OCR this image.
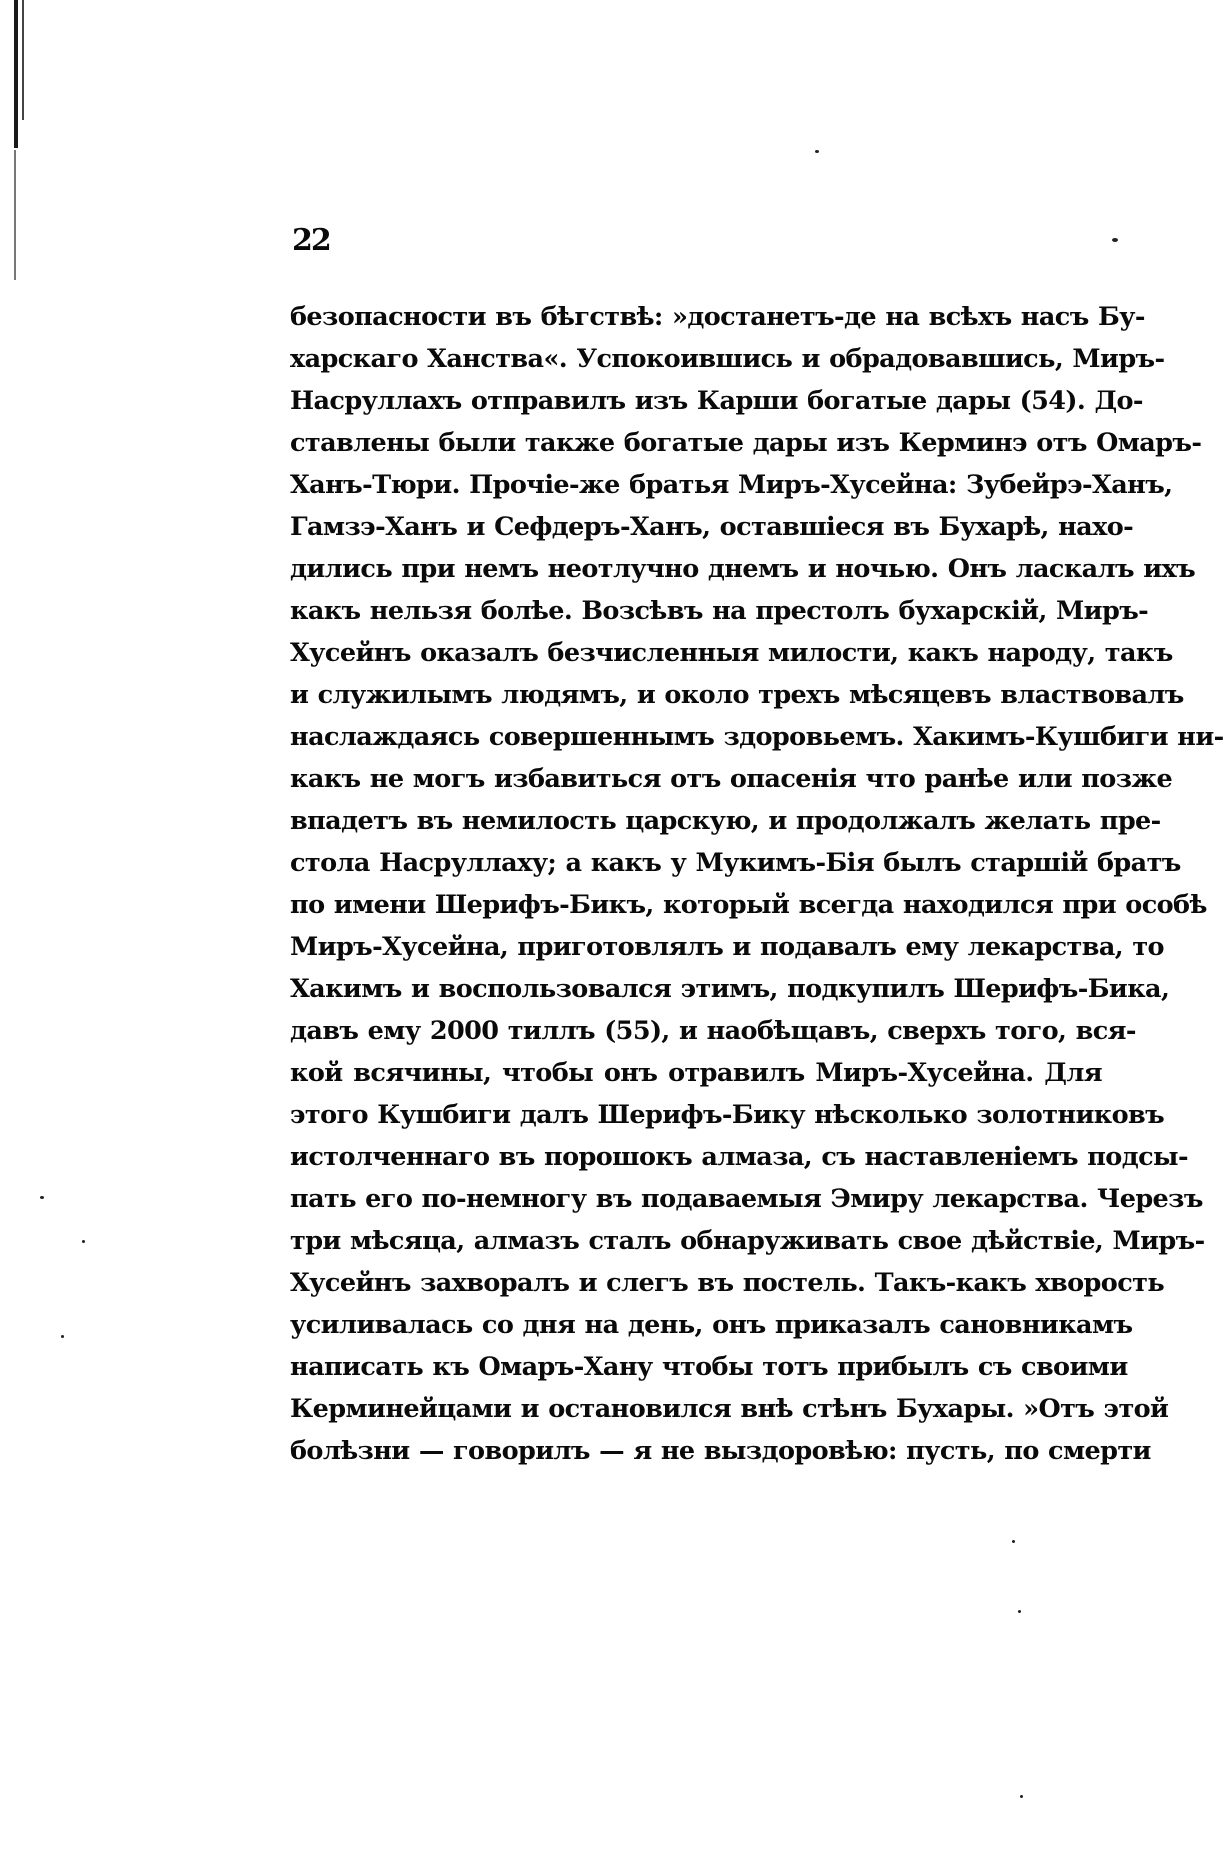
22
безопасности въ бѣгствѣ: »достанетъ-де на всѣхъ насъ Бу-
харскаго Ханства«. Успокоившись и обрадовавшись, Миръ-
Насруллахъ отправилъ изъ Карши богатые дары (54). До-
ставлены были также богатые дары изъ Керминэ отъ Омаръ-
Ханъ-Тюри. Прочіе-же братья Миръ-Хусейна: Зубейрэ-Ханъ,
Гамзэ-Ханъ и Сефдеръ-Ханъ, оставшіеся въ Бухарѣ, нахо-
дились при немъ неотлучно днемъ и ночью. Онъ ласкалъ ихъ
какъ нельзя болѣе. Возсѣвъ на престолъ бухарскій, Миръ-
Хусейнъ оказалъ безчисленныя милости, какъ народу, такъ
и служилымъ людямъ, и около трехъ мѣсяцевъ властвовалъ
наслаждаясь совершеннымъ здоровьемъ. Хакимъ-Кушбиги ни-
какъ не могъ избавиться отъ опасенія что ранѣе или позже
впадетъ въ немилость царскую, и продолжалъ желать пре-
стола Насруллаху; а какъ у Мукимъ-Бія былъ старшій братъ
по имени Шерифъ-Бикъ, который всегда находился при особѣ
Миръ-Хусейна, приготовлялъ и подавалъ ему лекарства, то
Хакимъ и воспользовался этимъ, подкупилъ Шерифъ-Бика,
давъ ему 2000 тиллъ (55), и наобѣщавъ, сверхъ того, вся-
кой всячины, чтобы онъ отравилъ Миръ-Хусейна. Для
этого Кушбиги далъ Шерифъ-Бику нѣсколько золотниковъ
истолченнаго въ порошокъ алмаза, съ наставленіемъ подсы-
пать его по-немногу въ подаваемыя Эмиру лекарства. Черезъ
три мѣсяца, алмазъ сталъ обнаруживать свое дѣйствіе, Миръ-
Хусейнъ захворалъ и слегъ въ постель. Такъ-какъ хворость
усиливалась со дня на день, онъ приказалъ сановникамъ
написать къ Омаръ-Хану чтобы тотъ прибылъ съ своими
Керминейцами и остановился внѣ стѣнъ Бухары. »Отъ этой
болѣзни — говорилъ — я не выздоровѣю: пусть, по смерти
